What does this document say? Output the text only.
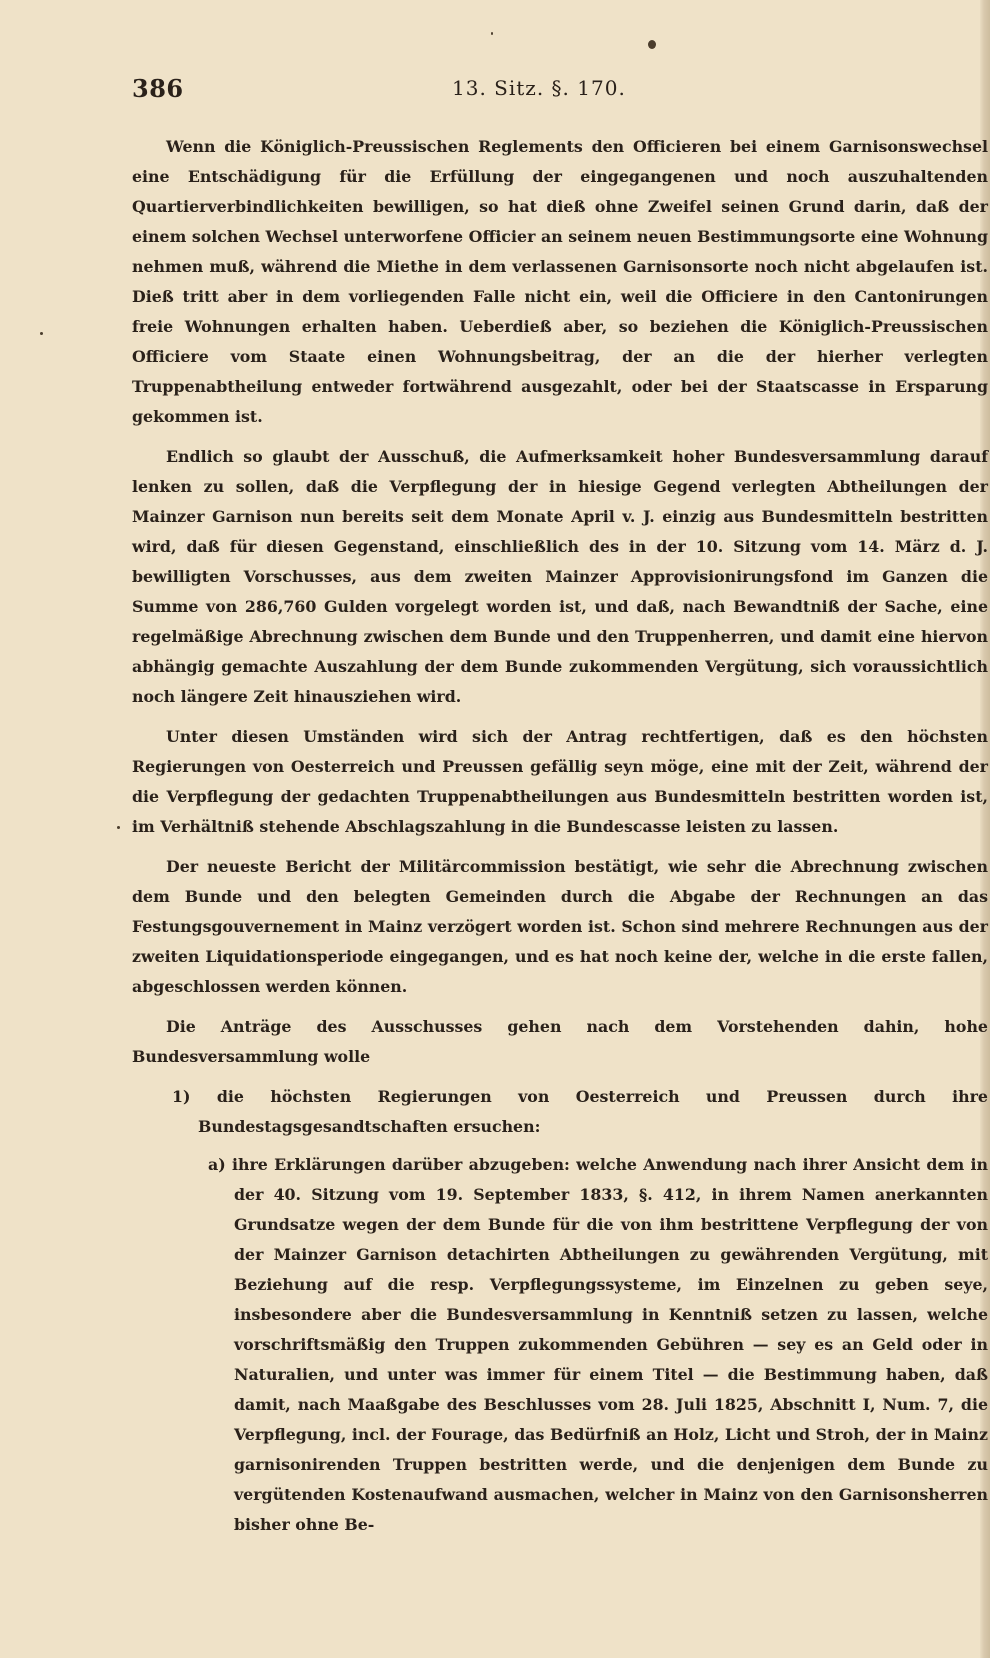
386	13. Sitz. §. 170.

Wenn die Königlich-Preussischen Reglements den Officieren bei einem Garnisonswechsel eine Entschädigung für die Erfüllung der eingegangenen und noch auszuhaltenden Quartierverbindlichkeiten bewilligen, so hat dieß ohne Zweifel seinen Grund darin, daß der einem solchen Wechsel unterworfene Officier an seinem neuen Bestimmungsorte eine Wohnung nehmen muß, während die Miethe in dem verlassenen Garnisonsorte noch nicht abgelaufen ist. Dieß tritt aber in dem vorliegenden Falle nicht ein, weil die Officiere in den Cantonirungen freie Wohnungen erhalten haben. Ueberdieß aber, so beziehen die Königlich-Preussischen Officiere vom Staate einen Wohnungsbeitrag, der an die der hierher verlegten Truppenabtheilung entweder fortwährend ausgezahlt, oder bei der Staatscasse in Ersparung gekommen ist.

Endlich so glaubt der Ausschuß, die Aufmerksamkeit hoher Bundesversammlung darauf lenken zu sollen, daß die Verpflegung der in hiesige Gegend verlegten Abtheilungen der Mainzer Garnison nun bereits seit dem Monate April v. J. einzig aus Bundesmitteln bestritten wird, daß für diesen Gegenstand, einschließlich des in der 10. Sitzung vom 14. März d. J. bewilligten Vorschusses, aus dem zweiten Mainzer Approvisionirungsfond im Ganzen die Summe von 286,760 Gulden vorgelegt worden ist, und daß, nach Bewandtniß der Sache, eine regelmäßige Abrechnung zwischen dem Bunde und den Truppenherren, und damit eine hiervon abhängig gemachte Auszahlung der dem Bunde zukommenden Vergütung, sich voraussichtlich noch längere Zeit hinausziehen wird.

Unter diesen Umständen wird sich der Antrag rechtfertigen, daß es den höchsten Regierungen von Oesterreich und Preussen gefällig seyn möge, eine mit der Zeit, während der die Verpflegung der gedachten Truppenabtheilungen aus Bundesmitteln bestritten worden ist, im Verhältniß stehende Abschlagszahlung in die Bundescasse leisten zu lassen.

Der neueste Bericht der Militärcommission bestätigt, wie sehr die Abrechnung zwischen dem Bunde und den belegten Gemeinden durch die Abgabe der Rechnungen an das Festungsgouvernement in Mainz verzögert worden ist. Schon sind mehrere Rechnungen aus der zweiten Liquidationsperiode eingegangen, und es hat noch keine der, welche in die erste fallen, abgeschlossen werden können.

Die Anträge des Ausschusses gehen nach dem Vorstehenden dahin, hohe Bundesversammlung wolle

1) die höchsten Regierungen von Oesterreich und Preussen durch ihre Bundestagsgesandtschaften ersuchen:

a) ihre Erklärungen darüber abzugeben: welche Anwendung nach ihrer Ansicht dem in der 40. Sitzung vom 19. September 1833, §. 412, in ihrem Namen anerkannten Grundsatze wegen der dem Bunde für die von ihm bestrittene Verpflegung der von der Mainzer Garnison detachirten Abtheilungen zu gewährenden Vergütung, mit Beziehung auf die resp. Verpflegungssysteme, im Einzelnen zu geben seye, insbesondere aber die Bundesversammlung in Kenntniß setzen zu lassen, welche vorschriftsmäßig den Truppen zukommenden Gebühren — sey es an Geld oder in Naturalien, und unter was immer für einem Titel — die Bestimmung haben, daß damit, nach Maaßgabe des Beschlusses vom 28. Juli 1825, Abschnitt I, Num. 7, die Verpflegung, incl. der Fourage, das Bedürfniß an Holz, Licht und Stroh, der in Mainz garnisonirenden Truppen bestritten werde, und die denjenigen dem Bunde zu vergütenden Kostenaufwand ausmachen, welcher in Mainz von den Garnisonsherren bisher ohne Be-
